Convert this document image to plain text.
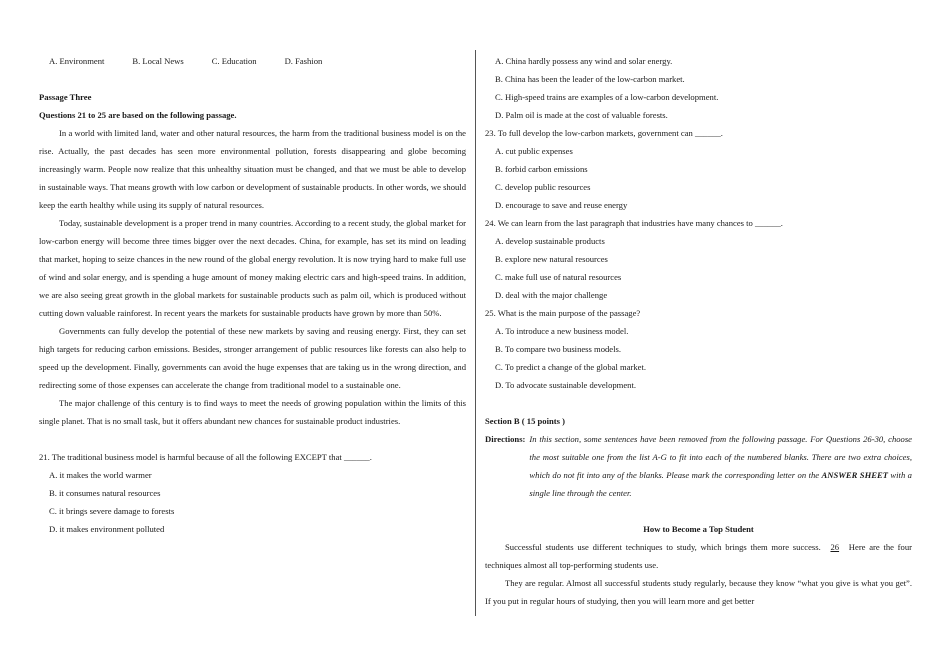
A. Environment	B. Local News	C. Education	D. Fashion

Passage Three

Questions 21 to 25 are based on the following passage.

In a world with limited land, water and other natural resources, the harm from the traditional business model is on the rise. Actually, the past decades has seen more environmental pollution, forests disappearing and globe becoming increasingly warm. People now realize that this unhealthy situation must be changed, and that we must be able to develop in sustainable ways. That means growth with low carbon or development of sustainable products. In other words, we should keep the earth healthy while using its supply of natural resources.

Today, sustainable development is a proper trend in many countries. According to a recent study, the global market for low-carbon energy will become three times bigger over the next decades. China, for example, has set its mind on leading that market, hoping to seize chances in the new round of the global energy revolution. It is now trying hard to make full use of wind and solar energy, and is spending a huge amount of money making electric cars and high-speed trains. In addition, we are also seeing great growth in the global markets for sustainable products such as palm oil, which is produced without cutting down valuable rainforest. In recent years the markets for sustainable products have grown by more than 50%.

Governments can fully develop the potential of these new markets by saving and reusing energy. First, they can set high targets for reducing carbon emissions. Besides, stronger arrangement of public resources like forests can also help to speed up the development. Finally, governments can avoid the huge expenses that are taking us in the wrong direction, and redirecting some of those expenses can accelerate the change from traditional model to a sustainable one.

The major challenge of this century is to find ways to meet the needs of growing population within the limits of this single planet. That is no small task, but it offers abundant new chances for sustainable product industries.

21. The traditional business model is harmful because of all the following EXCEPT that ______.

A. it makes the world warmer

B. it consumes natural resources

C. it brings severe damage to forests

D. it makes environment polluted

A. China hardly possess any wind and solar energy.

B. China has been the leader of the low-carbon market.

C. High-speed trains are examples of a low-carbon development.

D. Palm oil is made at the cost of valuable forests.

23. To full develop the low-carbon markets, government can ______.

A. cut public expenses

B. forbid carbon emissions

C. develop public resources

D. encourage to save and reuse energy

24. We can learn from the last paragraph that industries have many chances to ______.

A. develop sustainable products

B. explore new natural resources

C. make full use of natural resources

D. deal with the major challenge

25. What is the main purpose of the passage?

A. To introduce a new business model.

B. To compare two business models.

C. To predict a change of the global market.

D. To advocate sustainable development.

Section B ( 15 points )

Directions: In this section, some sentences have been removed from the following passage. For Questions 26-30, choose the most suitable one from the list A-G to fit into each of the numbered blanks. There are two extra choices, which do not fit into any of the blanks. Please mark the corresponding letter on the ANSWER SHEET with a single line through the center.

How to Become a Top Student

Successful students use different techniques to study, which brings them more success. 26 Here are the four techniques almost all top-performing students use.

They are regular. Almost all successful students study regularly, because they know “what you give is what you get”. If you put in regular hours of studying, then you will learn more and get better
